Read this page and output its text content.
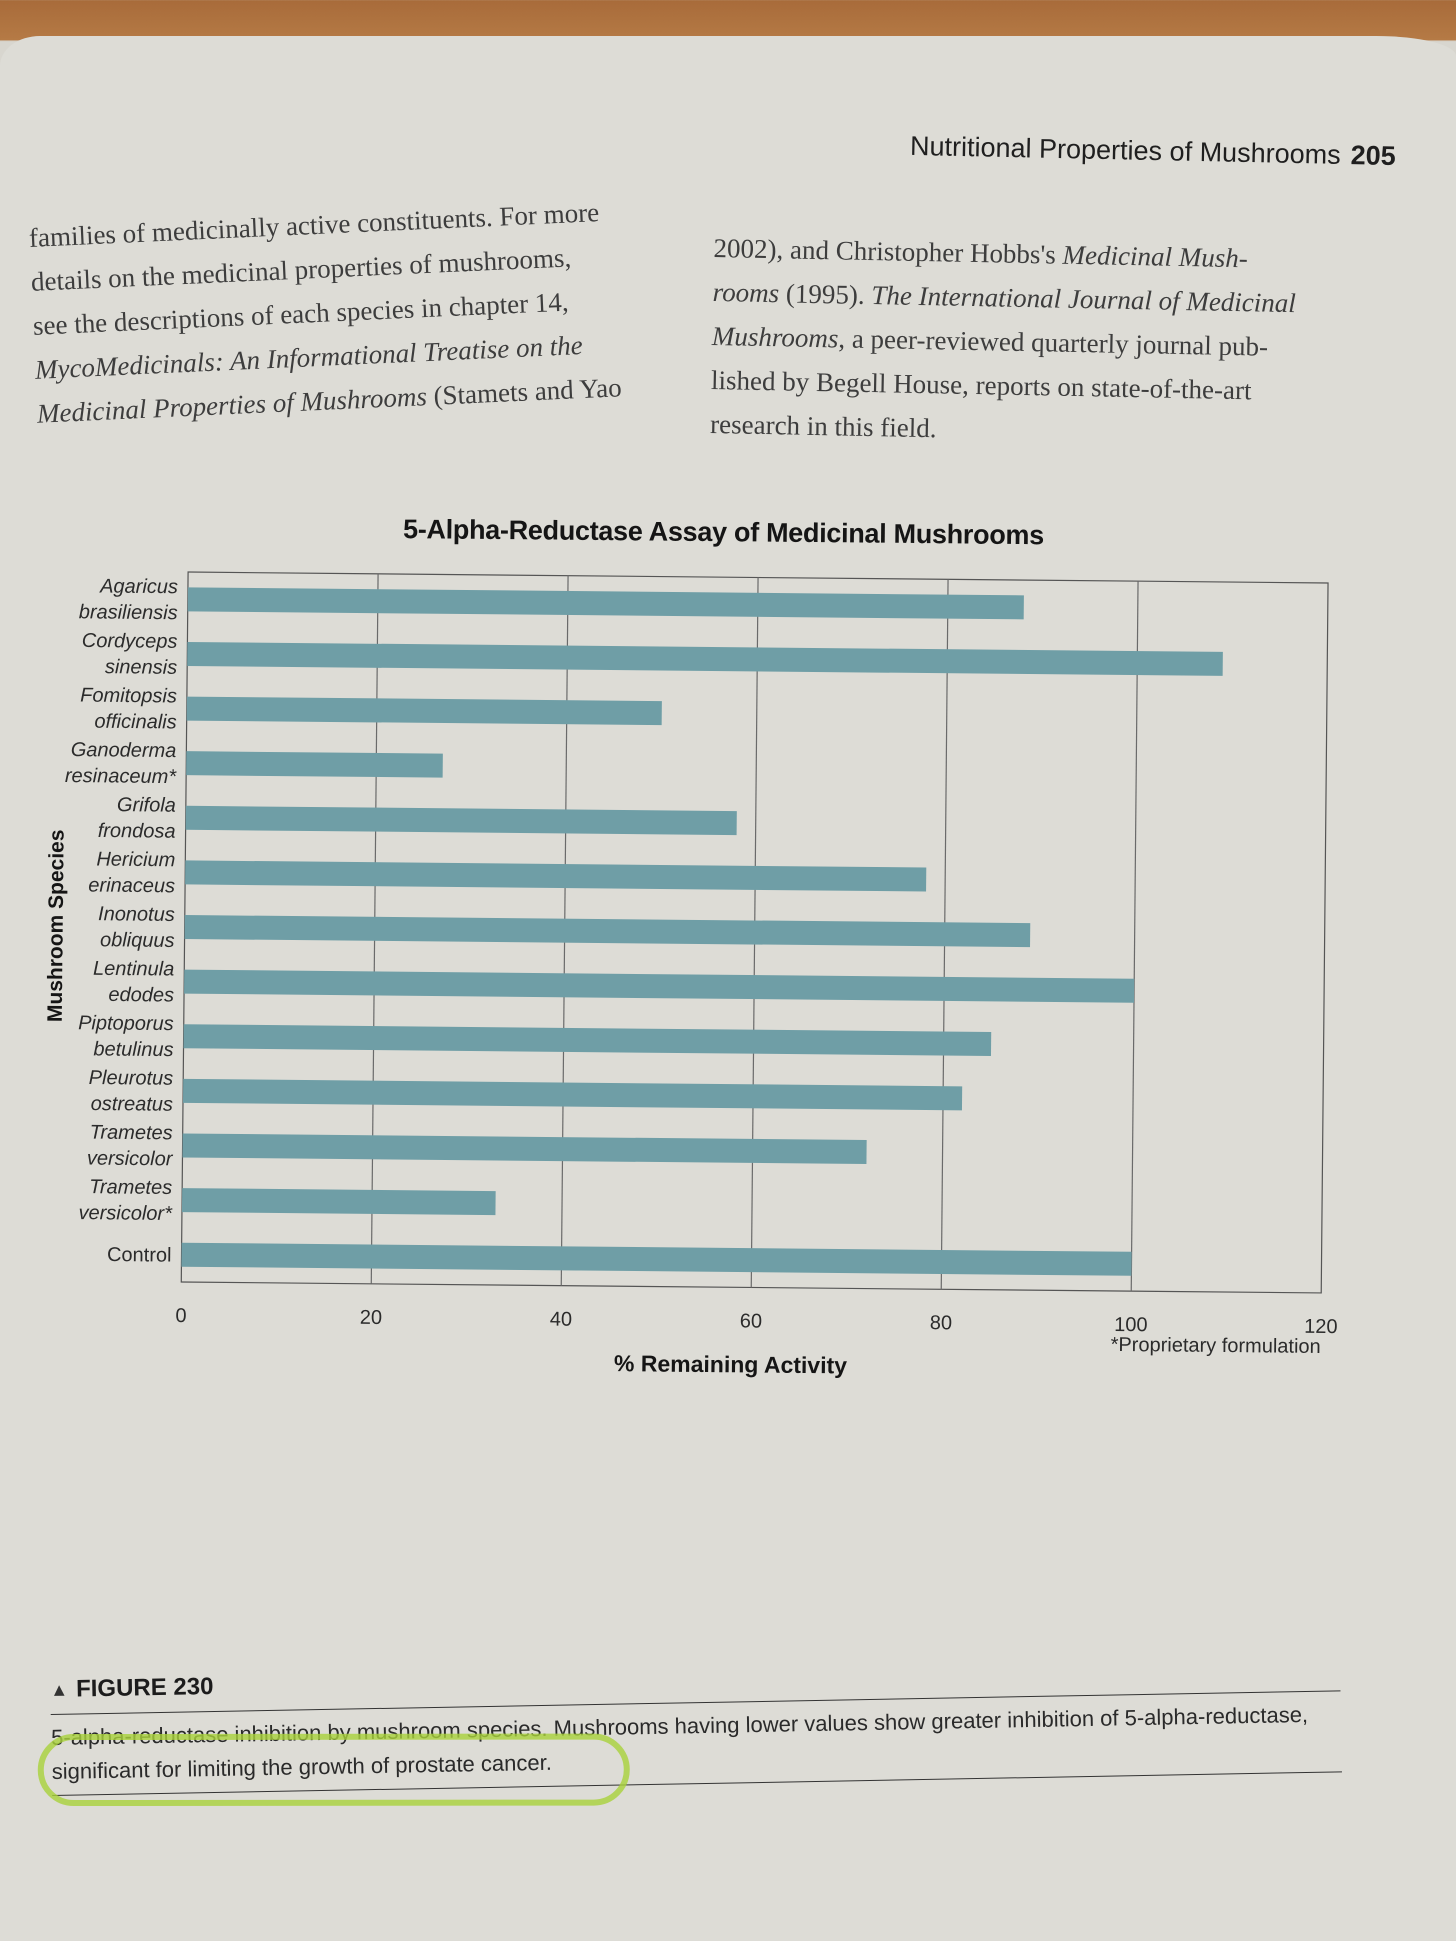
Nutritional Properties of Mushrooms 205
families of medicinally active constituents. For more
details on the medicinal properties of mushrooms,
see the descriptions of each species in chapter 14,
MycoMedicinals: An Informational Treatise on the
Medicinal Properties of Mushrooms (Stamets and Yao
2002), and Christopher Hobbs's Medicinal Mush-
rooms (1995). The International Journal of Medicinal
Mushrooms, a peer-reviewed quarterly journal pub-
lished by Begell House, reports on state-of-the-art
research in this field.
5-Alpha-Reductase Assay of Medicinal Mushrooms
0	20	40	60	80	100	120
Agaricus
brasiliensis
Cordyceps
sinensis
Fomitopsis
officinalis
Ganoderma
resinaceum*
Grifola
frondosa
Hericium
erinaceus
Inonotus
obliquus
Lentinula
edodes
Piptoporus
betulinus
Pleurotus
ostreatus
Trametes
versicolor
Trametes
versicolor*
Control
% Remaining Activity
Mushroom Species
*Proprietary formulation
▲ FIGURE 230
5-alpha-reductase inhibition by mushroom species. Mushrooms having lower values show greater inhibition of 5-alpha-reductase,
significant for limiting the growth of prostate cancer.
